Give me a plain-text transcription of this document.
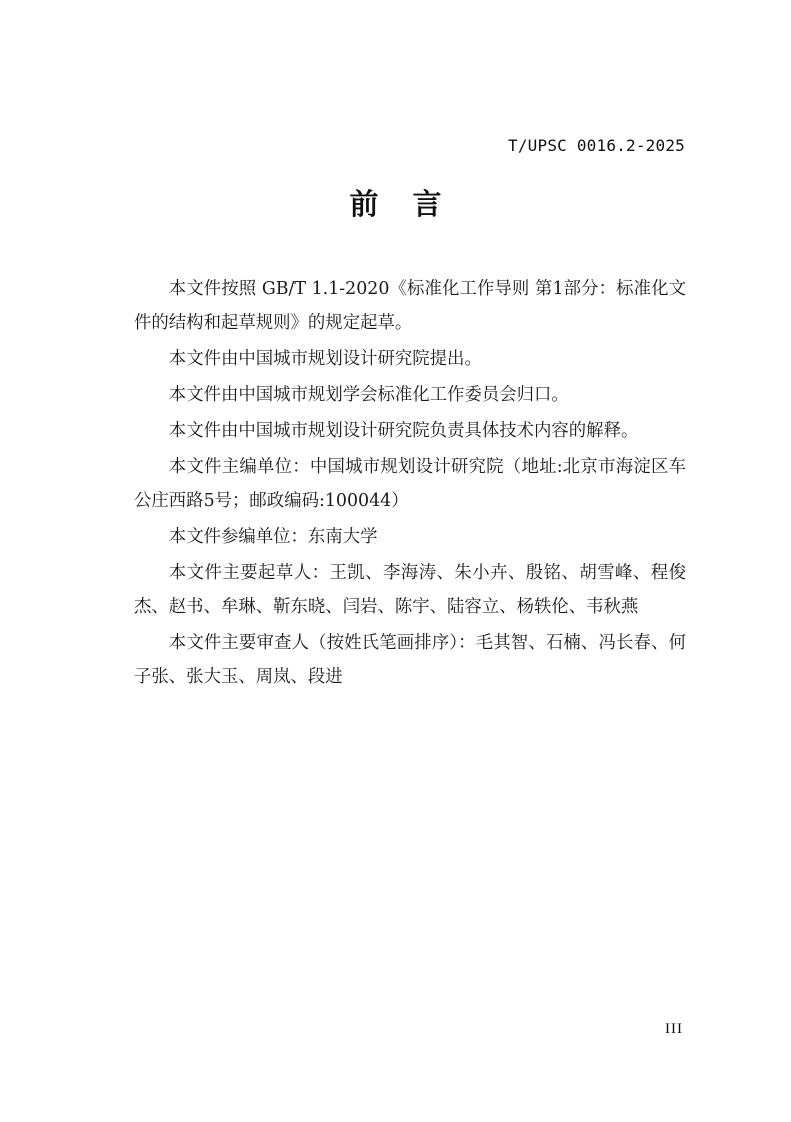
T/UPSC 0016.2-2025
前言

本文件按照 GB/T 1.1-2020《标准化工作导则 第1部分：标准化文件的结构和起草规则》的规定起草。

本文件由中国城市规划设计研究院提出。

本文件由中国城市规划学会标准化工作委员会归口。

本文件由中国城市规划设计研究院负责具体技术内容的解释。

本文件主编单位：中国城市规划设计研究院（地址:北京市海淀区车公庄西路5号；邮政编码:100044）

本文件参编单位：东南大学

本文件主要起草人：王凯、李海涛、朱小卉、殷铭、胡雪峰、程俊杰、赵书、牟琳、靳东晓、闫岩、陈宇、陆容立、杨轶伦、韦秋燕

本文件主要审查人（按姓氏笔画排序）：毛其智、石楠、冯长春、何子张、张大玉、周岚、段进

III
